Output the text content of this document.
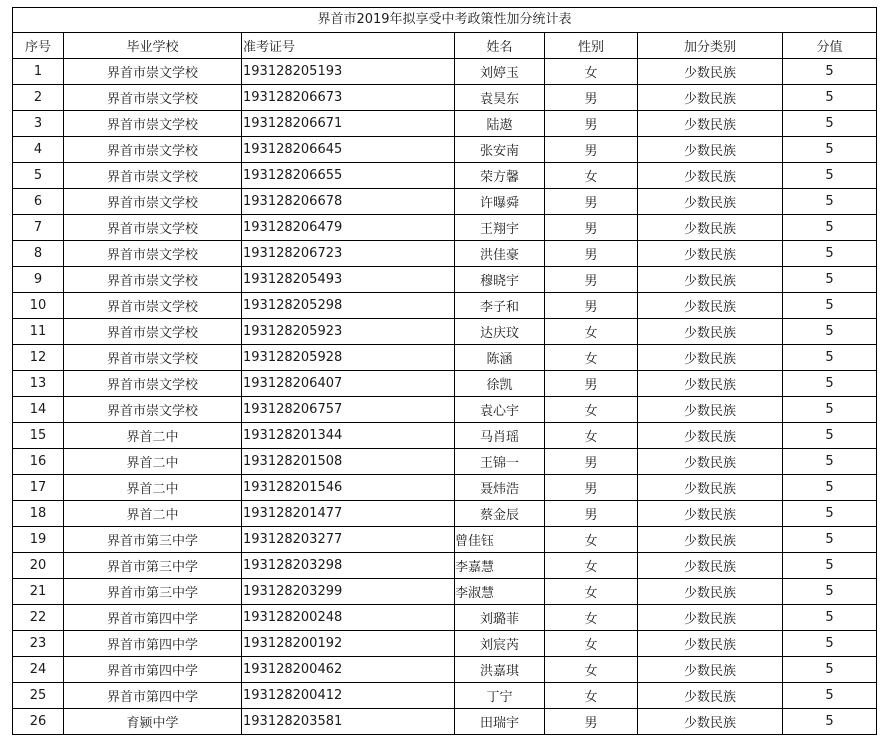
界首市2019年拟享受中考政策性加分统计表
序号	毕业学校	准考证号	姓名	性别	加分类别	分值
1	界首市崇文学校	193128205193	刘婷玉	女	少数民族	5
2	界首市崇文学校	193128206673	袁昊东	男	少数民族	5
3	界首市崇文学校	193128206671	陆遨	男	少数民族	5
4	界首市崇文学校	193128206645	张安南	男	少数民族	5
5	界首市崇文学校	193128206655	荣方馨	女	少数民族	5
6	界首市崇文学校	193128206678	许曝舜	男	少数民族	5
7	界首市崇文学校	193128206479	王翔宇	男	少数民族	5
8	界首市崇文学校	193128206723	洪佳豪	男	少数民族	5
9	界首市崇文学校	193128205493	穆晓宇	男	少数民族	5
10	界首市崇文学校	193128205298	李子和	男	少数民族	5
11	界首市崇文学校	193128205923	达庆玟	女	少数民族	5
12	界首市崇文学校	193128205928	陈涵	女	少数民族	5
13	界首市崇文学校	193128206407	徐凯	男	少数民族	5
14	界首市崇文学校	193128206757	袁心宇	女	少数民族	5
15	界首二中	193128201344	马肖瑶	女	少数民族	5
16	界首二中	193128201508	王锦一	男	少数民族	5
17	界首二中	193128201546	聂炜浩	男	少数民族	5
18	界首二中	193128201477	蔡金辰	男	少数民族	5
19	界首市第三中学	193128203277	曾佳钰	女	少数民族	5
20	界首市第三中学	193128203298	李嘉慧	女	少数民族	5
21	界首市第三中学	193128203299	李淑慧	女	少数民族	5
22	界首市第四中学	193128200248	刘璐菲	女	少数民族	5
23	界首市第四中学	193128200192	刘宸芮	女	少数民族	5
24	界首市第四中学	193128200462	洪嘉琪	女	少数民族	5
25	界首市第四中学	193128200412	丁宁	女	少数民族	5
26	育颍中学	193128203581	田瑞宇	男	少数民族	5
